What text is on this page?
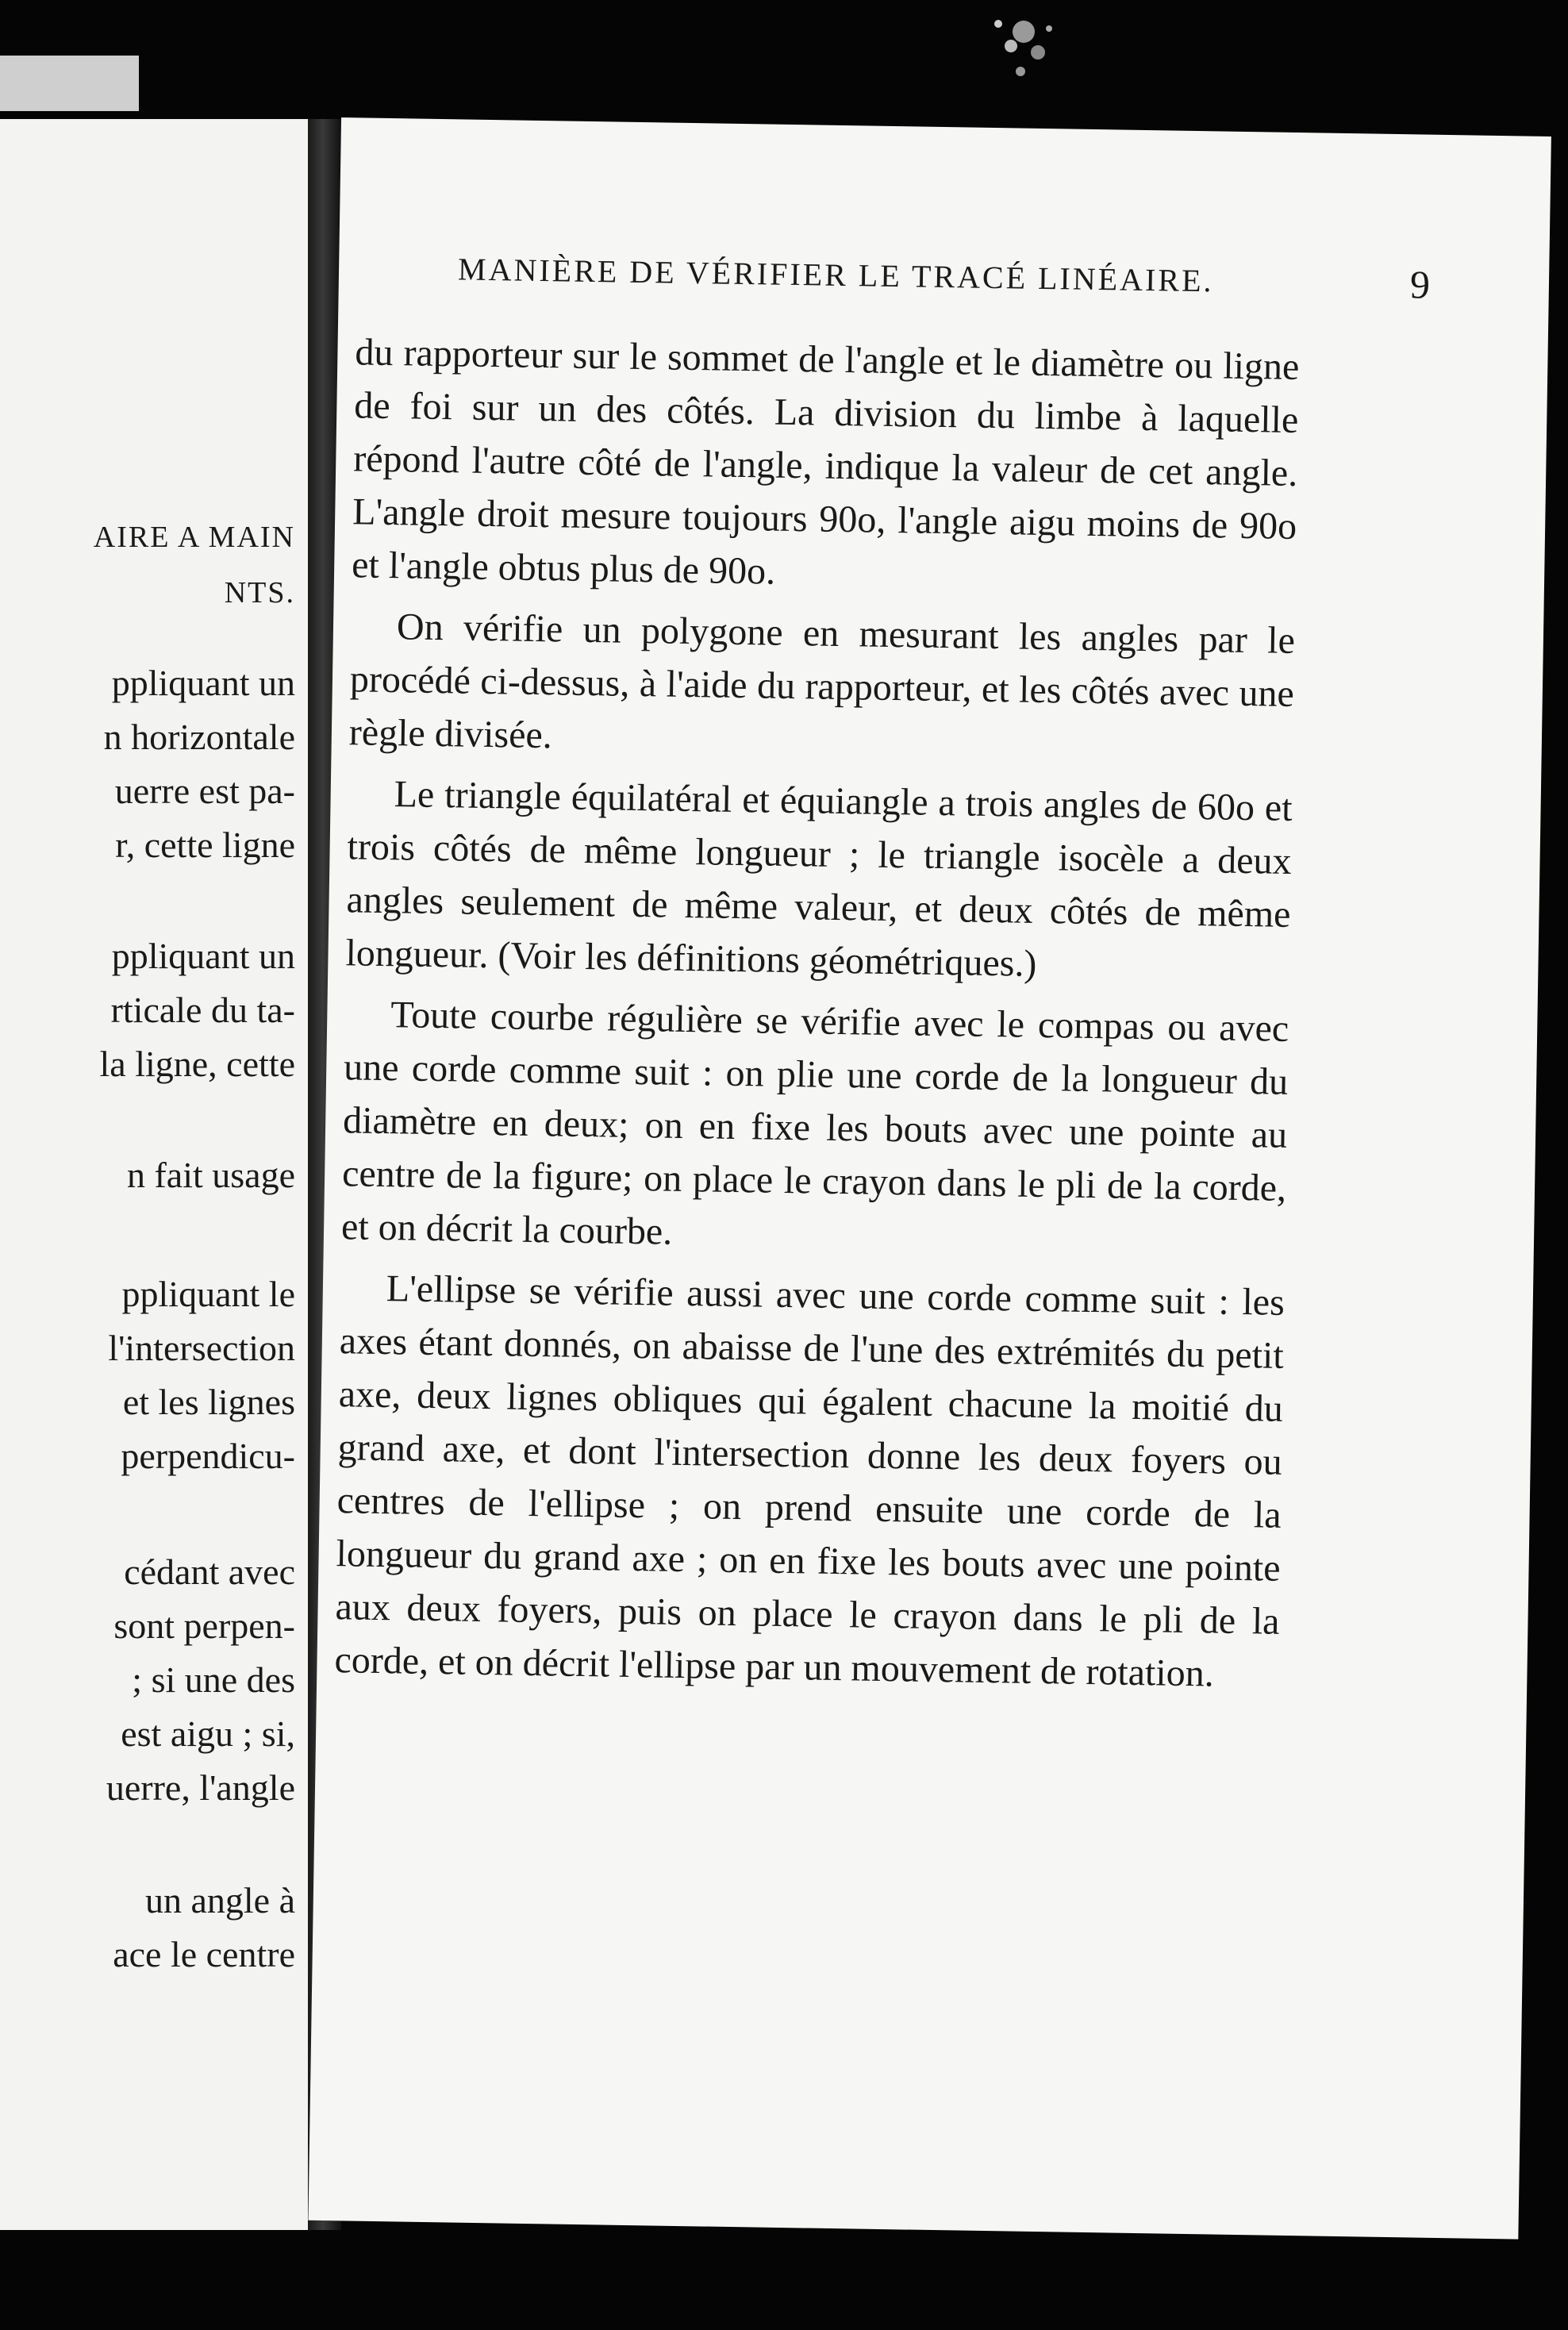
AIRE A MAIN

NTS.

ppliquant un

n horizontale

uerre est pa-

r, cette ligne

ppliquant un

rticale du ta-

la ligne, cette

n fait usage

ppliquant le

l'intersection

et les lignes

perpendicu-

cédant avec

sont perpen-

; si une des

est aigu ; si,

uerre, l'angle

un angle à

ace le centre

MANIÈRE DE VÉRIFIER LE TRACÉ LINÉAIRE.	9

du rapporteur sur le sommet de l'angle et le diamètre ou ligne de foi sur un des côtés. La division du limbe à laquelle répond l'autre côté de l'angle, indique la valeur de cet angle. L'angle droit mesure toujours 90o, l'angle aigu moins de 90o et l'angle obtus plus de 90o.

On vérifie un polygone en mesurant les angles par le procédé ci-dessus, à l'aide du rapporteur, et les côtés avec une règle divisée.

Le triangle équilatéral et équiangle a trois angles de 60o et trois côtés de même longueur ; le triangle isocèle a deux angles seulement de même valeur, et deux côtés de même longueur. (Voir les définitions géométriques.)

Toute courbe régulière se vérifie avec le compas ou avec une corde comme suit : on plie une corde de la longueur du diamètre en deux; on en fixe les bouts avec une pointe au centre de la figure; on place le crayon dans le pli de la corde, et on décrit la courbe.

L'ellipse se vérifie aussi avec une corde comme suit : les axes étant donnés, on abaisse de l'une des extrémités du petit axe, deux lignes obliques qui égalent chacune la moitié du grand axe, et dont l'intersection donne les deux foyers ou centres de l'ellipse ; on prend ensuite une corde de la longueur du grand axe ; on en fixe les bouts avec une pointe aux deux foyers, puis on place le crayon dans le pli de la corde, et on décrit l'ellipse par un mouvement de rotation.
